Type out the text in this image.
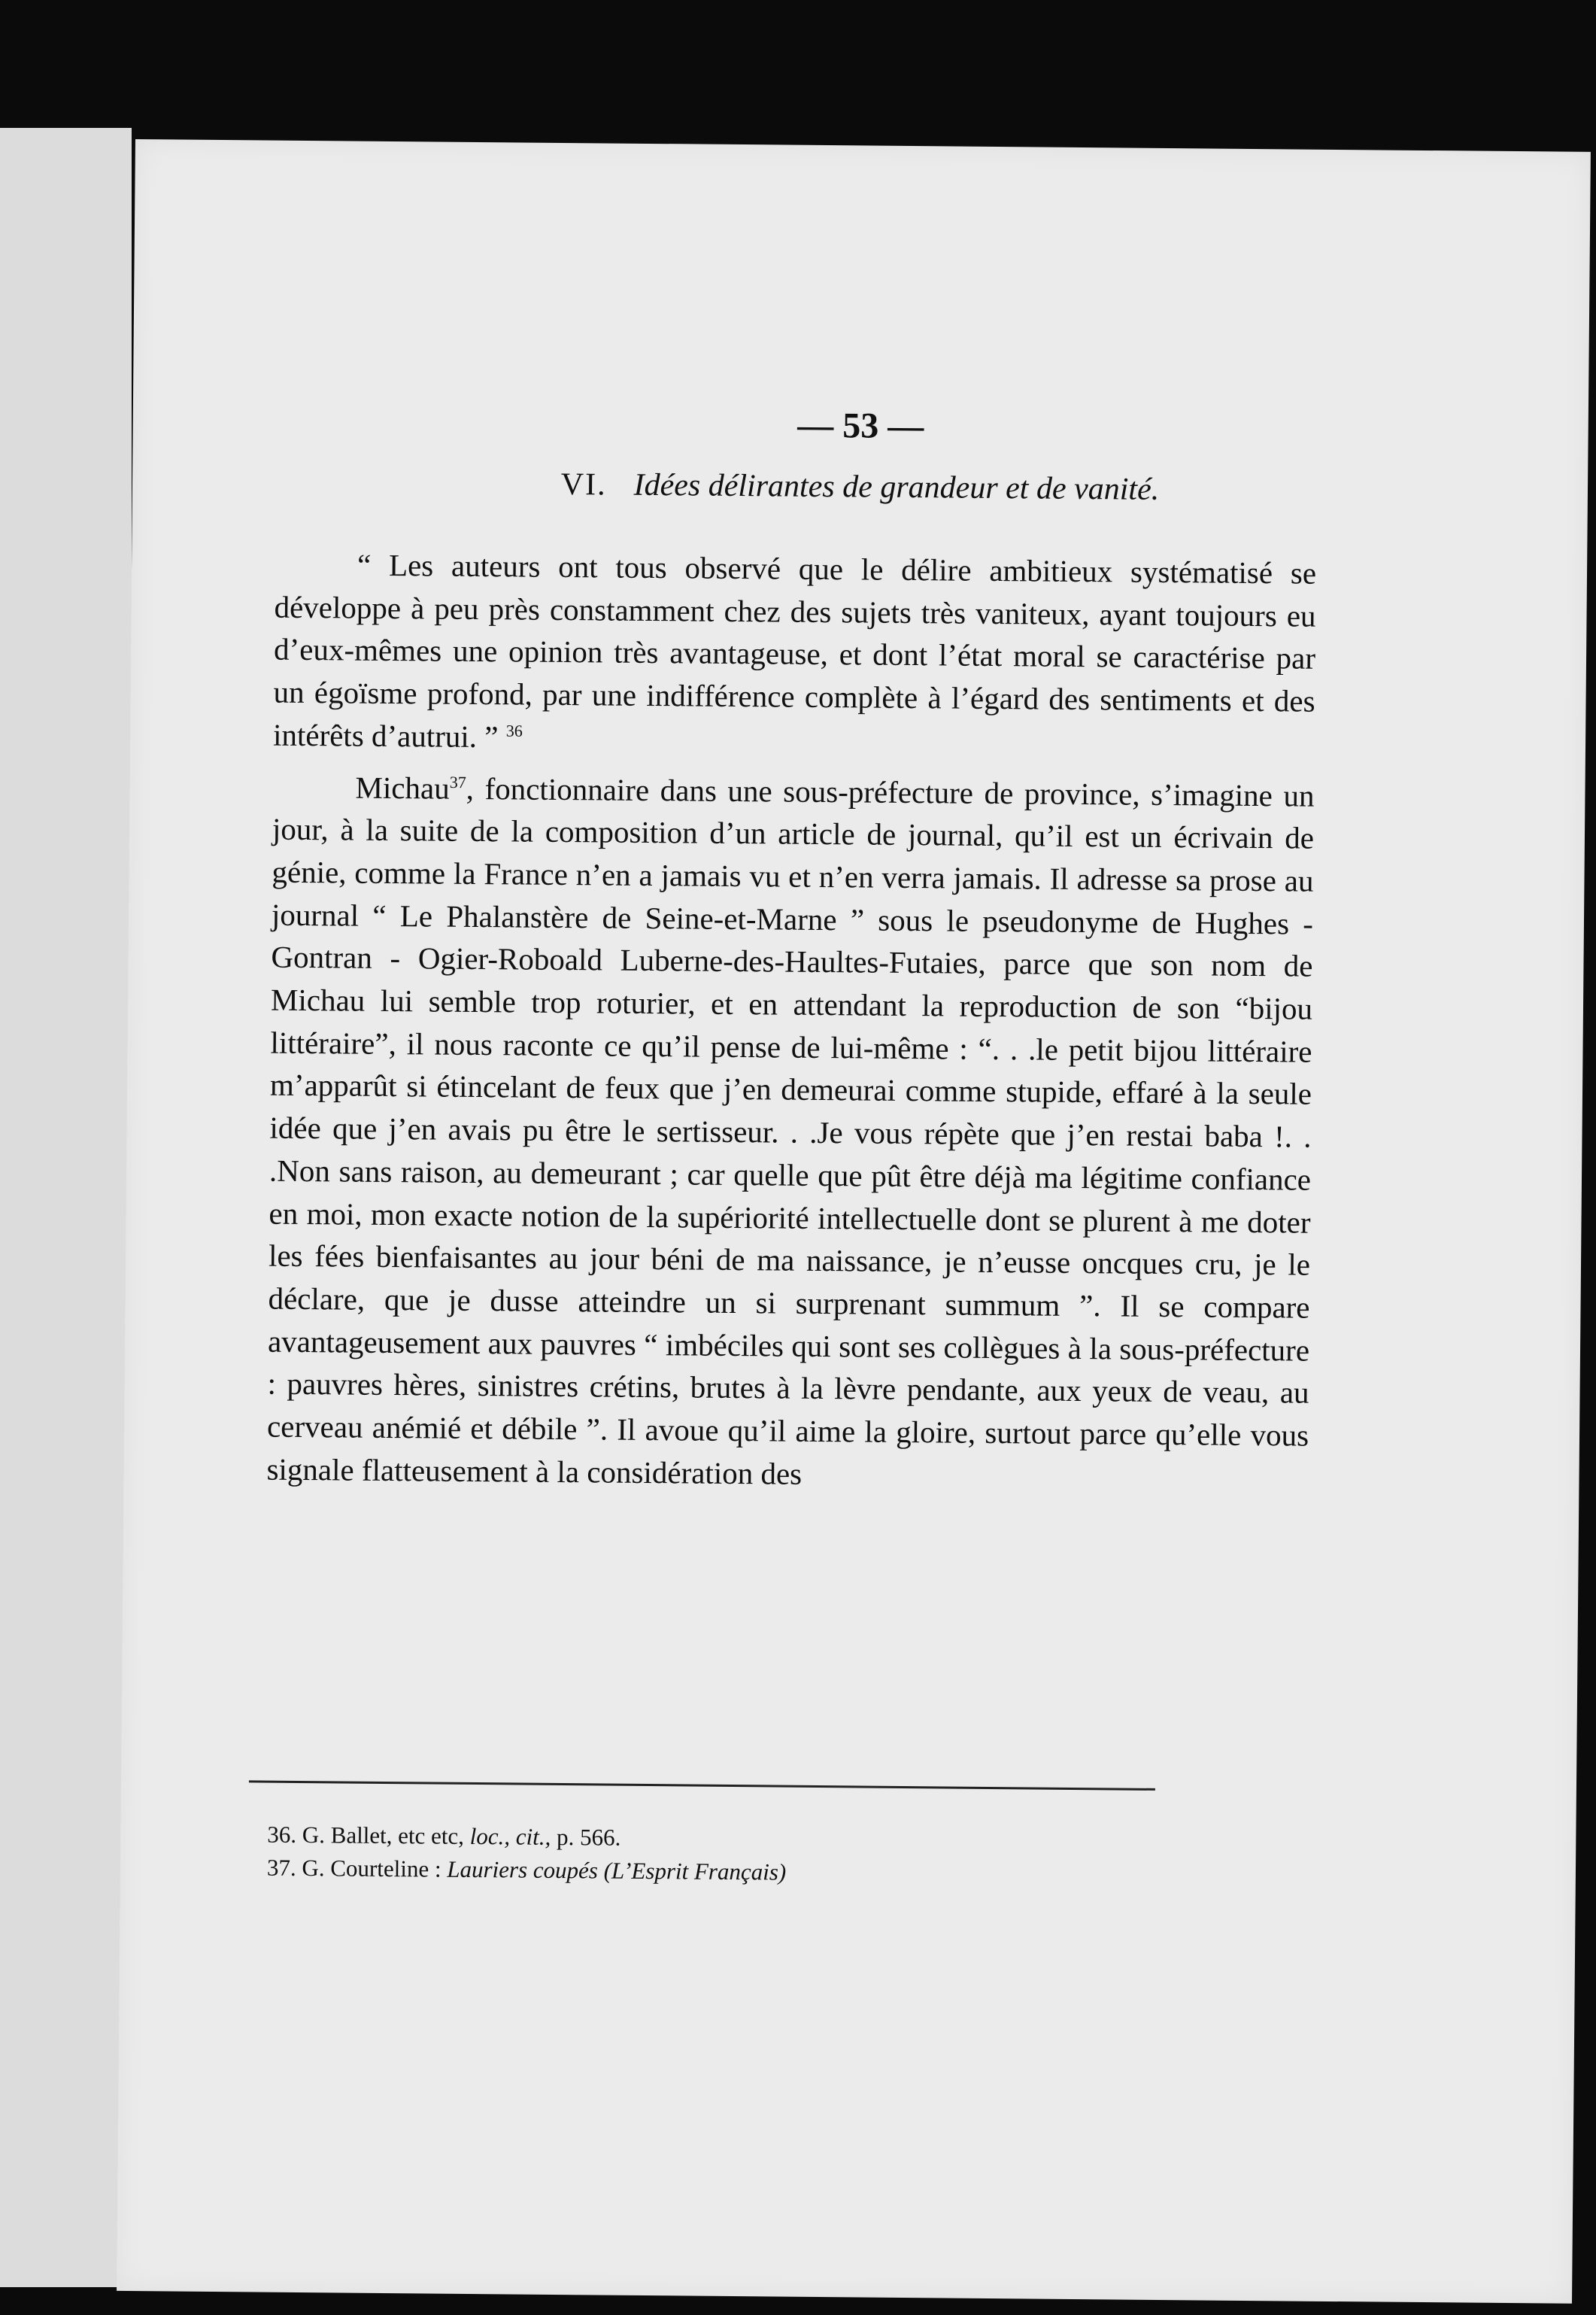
— 53 —
VI. Idées délirantes de grandeur et de vanité.

“ Les auteurs ont tous observé que le délire ambitieux systématisé se développe à peu près constamment chez des sujets très vaniteux, ayant toujours eu d’eux-mêmes une opinion très avantageuse, et dont l’état moral se caractérise par un égoïsme profond, par une indifférence complète à l’égard des sentiments et des intérêts d’autrui. ” $^{36}$

Michau$^{37}$, fonctionnaire dans une sous-préfecture de province, s’imagine un jour, à la suite de la composition d’un article de journal, qu’il est un écrivain de génie, comme la France n’en a jamais vu et n’en verra jamais. Il adresse sa prose au journal “ Le Phalanstère de Seine-et-Marne ” sous le pseudonyme de Hughes - Gontran - Ogier-Roboald Luberne-des-Haultes-Futaies, parce que son nom de Michau lui semble trop roturier, et en attendant la reproduction de son “bijou littéraire”, il nous raconte ce qu’il pense de lui-même : “. . .le petit bijou littéraire m’apparût si étincelant de feux que j’en demeurai comme stupide, effaré à la seule idée que j’en avais pu être le sertisseur. . .Je vous répète que j’en restai baba !. . .Non sans raison, au demeurant ; car quelle que pût être déjà ma légitime confiance en moi, mon exacte notion de la supériorité intellectuelle dont se plurent à me doter les fées bienfaisantes au jour béni de ma naissance, je n’eusse oncques cru, je le déclare, que je dusse atteindre un si surprenant summum ”. Il se compare avantageusement aux pauvres “ imbéciles qui sont ses collègues à la sous-préfecture : pauvres hères, sinistres crétins, brutes à la lèvre pendante, aux yeux de veau, au cerveau anémié et débile ”. Il avoue qu’il aime la gloire, surtout parce qu’elle vous signale flatteusement à la considération des

36. G. Ballet, etc etc, loc., cit., p. 566.
37. G. Courteline : Lauriers coupés (L’Esprit Français)
